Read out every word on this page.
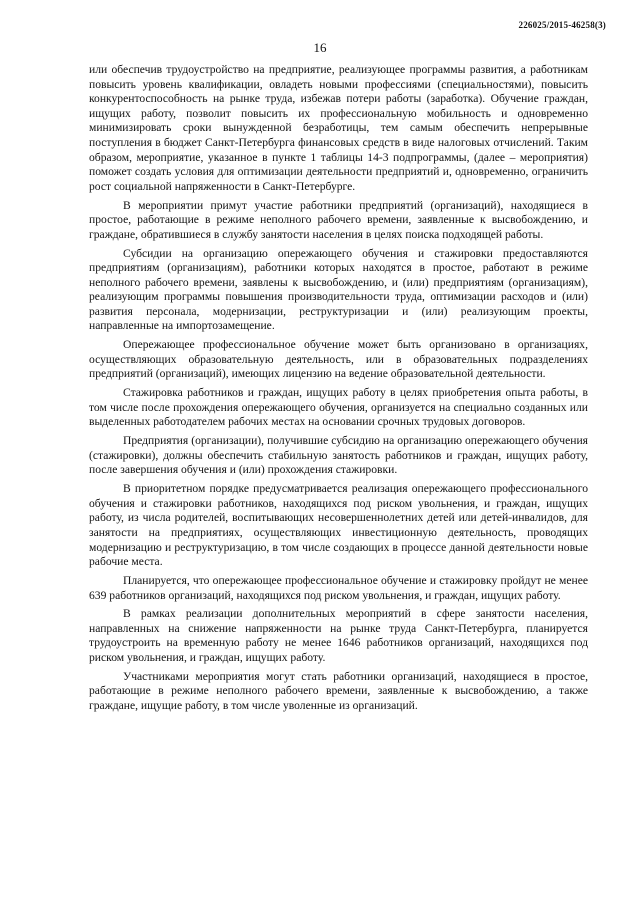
226025/2015-46258(3)
16

или обеспечив трудоустройство на предприятие, реализующее программы развития, а работникам повысить уровень квалификации, овладеть новыми профессиями (специальностями), повысить конкурентоспособность на рынке труда, избежав потери работы (заработка). Обучение граждан, ищущих работу, позволит повысить их профессиональную мобильность и одновременно минимизировать сроки вынужденной безработицы, тем самым обеспечить непрерывные поступления в бюджет Санкт-Петербурга финансовых средств в виде налоговых отчислений. Таким образом, мероприятие, указанное в пункте 1 таблицы 14-3 подпрограммы, (далее – мероприятия) поможет создать условия для оптимизации деятельности предприятий и, одновременно, ограничить рост социальной напряженности в Санкт-Петербурге.

В мероприятии примут участие работники предприятий (организаций), находящиеся в простое, работающие в режиме неполного рабочего времени, заявленные к высвобождению, и граждане, обратившиеся в службу занятости населения в целях поиска подходящей работы.

Субсидии на организацию опережающего обучения и стажировки предоставляются предприятиям (организациям), работники которых находятся в простое, работают в режиме неполного рабочего времени, заявлены к высвобождению, и (или) предприятиям (организациям), реализующим программы повышения производительности труда, оптимизации расходов и (или) развития персонала, модернизации, реструктуризации и (или) реализующим проекты, направленные на импортозамещение.

Опережающее профессиональное обучение может быть организовано в организациях, осуществляющих образовательную деятельность, или в образовательных подразделениях предприятий (организаций), имеющих лицензию на ведение образовательной деятельности.

Стажировка работников и граждан, ищущих работу в целях приобретения опыта работы, в том числе после прохождения опережающего обучения, организуется на специально созданных или выделенных работодателем рабочих местах на основании срочных трудовых договоров.

Предприятия (организации), получившие субсидию на организацию опережающего обучения (стажировки), должны обеспечить стабильную занятость работников и граждан, ищущих работу, после завершения обучения и (или) прохождения стажировки.

В приоритетном порядке предусматривается реализация опережающего профессионального обучения и стажировки работников, находящихся под риском увольнения, и граждан, ищущих работу, из числа родителей, воспитывающих несовершеннолетних детей или детей-инвалидов, для занятости на предприятиях, осуществляющих инвестиционную деятельность, проводящих модернизацию и реструктуризацию, в том числе создающих в процессе данной деятельности новые рабочие места.

Планируется, что опережающее профессиональное обучение и стажировку пройдут не менее 639 работников организаций, находящихся под риском увольнения, и граждан, ищущих работу.

В рамках реализации дополнительных мероприятий в сфере занятости населения, направленных на снижение напряженности на рынке труда Санкт-Петербурга, планируется трудоустроить на временную работу не менее 1646 работников организаций, находящихся под риском увольнения, и граждан, ищущих работу.

Участниками мероприятия могут стать работники организаций, находящиеся в простое, работающие в режиме неполного рабочего времени, заявленные к высвобождению, а также граждане, ищущие работу, в том числе уволенные из организаций.
